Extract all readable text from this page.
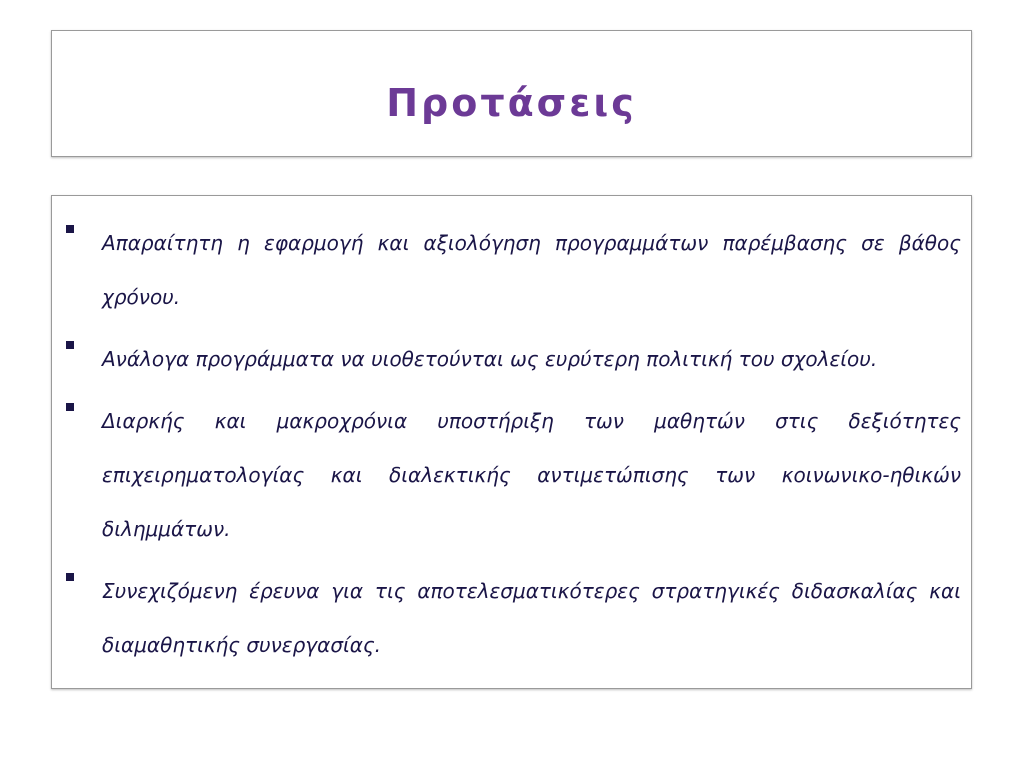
Προτάσεις

Απαραίτητη η εφαρμογή και αξιολόγηση προγραμμάτων παρέμβασης σε βάθος χρόνου.

Ανάλογα προγράμματα να υιοθετούνται ως ευρύτερη πολιτική του σχολείου.

Διαρκής και μακροχρόνια υποστήριξη των μαθητών στις δεξιότητες επιχειρηματολογίας και διαλεκτικής αντιμετώπισης των κοινωνικο-ηθικών διλημμάτων.

Συνεχιζόμενη έρευνα για τις αποτελεσματικότερες στρατηγικές διδασκαλίας και διαμαθητικής συνεργασίας.
